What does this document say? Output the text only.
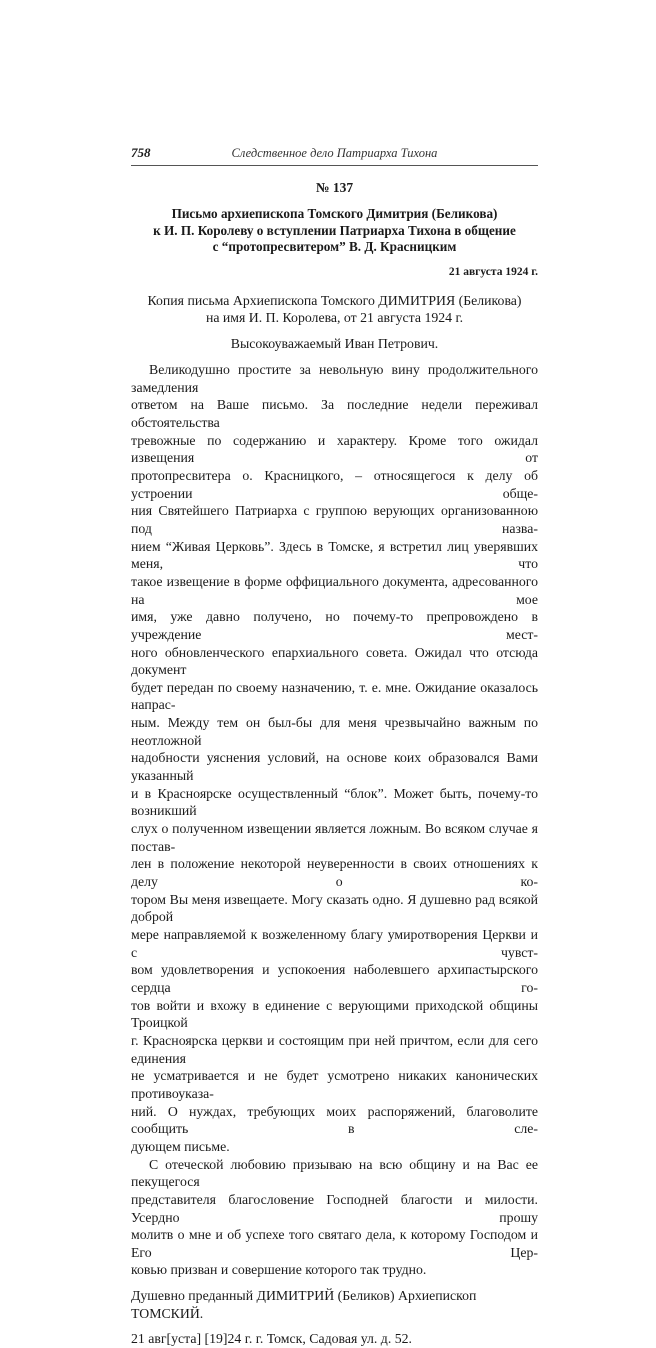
758	Следственное дело Патриарха Тихона
№ 137
Письмо архиепископа Томского Димитрия (Беликова)
к И. П. Королеву о вступлении Патриарха Тихона в общение
с “протопресвитером” В. Д. Красницким
21 августа 1924 г.
Копия письма Архиепископа Томского ДИМИТРИЯ (Беликова)
на имя И. П. Королева, от 21 августа 1924 г.
Высокоуважаемый Иван Петрович.

Великодушно простите за невольную вину продолжительного замедления
ответом на Ваше письмо. За последние недели переживал обстоятельства
тревожные по содержанию и характеру. Кроме того ожидал извещения от
протопресвитера о. Красницкого, – относящегося к делу об устроении обще-
ния Святейшего Патриарха с группою верующих организованною под назва-
нием “Живая Церковь”. Здесь в Томске, я встретил лиц уверявших меня, что
такое извещение в форме оффициального документа, адресованного на мое
имя, уже давно получено, но почему-то препровождено в учреждение мест-
ного обновленческого епархиального совета. Ожидал что отсюда документ
будет передан по своему назначению, т. е. мне. Ожидание оказалось напрас-
ным. Между тем он был-бы для меня чрезвычайно важным по неотложной
надобности уяснения условий, на основе коих образовался Вами указанный
и в Красноярске осуществленный “блок”. Может быть, почему-то возникший
слух о полученном извещении является ложным. Во всяком случае я постав-
лен в положение некоторой неуверенности в своих отношениях к делу о ко-
тором Вы меня извещаете. Могу сказать одно. Я душевно рад всякой доброй
мере направляемой к возжеленному благу умиротворения Церкви и с чувст-
вом удовлетворения и успокоения наболевшего архипастырского сердца го-
тов войти и вхожу в единение с верующими приходской общины Троицкой
г. Красноярска церкви и состоящим при ней причтом, если для сего единения
не усматривается и не будет усмотрено никаких канонических противоуказа-
ний. О нуждах, требующих моих распоряжений, благоволите сообщить в сле-
дующем письме.

С отеческой любовию призываю на всю общину и на Вас ее пекущегося
представителя благословение Господней благости и милости. Усердно прошу
молитв о мне и об успехе того святаго дела, к которому Господом и Его Цер-
ковью призван и совершение которого так трудно.

Душевно преданный ДИМИТРИЙ (Беликов) Архиепископ ТОМСКИЙ.
21 авг[уста] [19]24 г. г. Томск, Садовая ул. д. 52.
